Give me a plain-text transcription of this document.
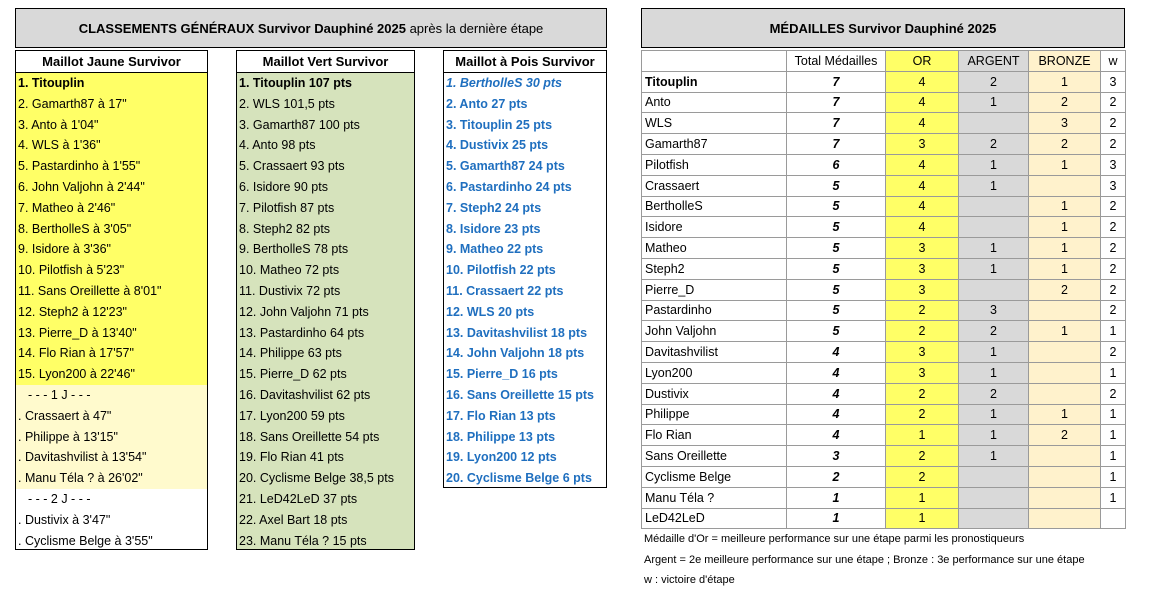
CLASSEMENTS GÉNÉRAUX Survivor Dauphiné 2025 après la dernière étape
Maillot Jaune Survivor
1. Titouplin
2. Gamarth87 à 17"
3. Anto à 1'04"
4. WLS à 1'36"
5. Pastardinho à 1'55"
6. John Valjohn à 2'44"
7. Matheo à 2'46"
8. BertholleS à 3'05"
9. Isidore à 3'36"
10. Pilotfish à 5'23"
11. Sans Oreillette à 8'01"
12. Steph2 à 12'23"
13. Pierre_D à 13'40"
14. Flo Rian à 17'57"
15. Lyon200 à 22'46"
- - - 1 J - - -
. Crassaert à 47"
. Philippe à 13'15"
. Davitashvilist à 13'54"
. Manu Téla ? à 26'02"
- - - 2 J - - -
. Dustivix à 3'47"
. Cyclisme Belge à 3'55"
Maillot Vert Survivor
1. Titouplin 107 pts
2. WLS 101,5 pts
3. Gamarth87 100 pts
4. Anto 98 pts
5. Crassaert 93 pts
6. Isidore 90 pts
7. Pilotfish 87 pts
8. Steph2 82 pts
9. BertholleS 78 pts
10. Matheo 72 pts
11. Dustivix 72 pts
12. John Valjohn 71 pts
13. Pastardinho 64 pts
14. Philippe 63 pts
15. Pierre_D 62 pts
16. Davitashvilist 62 pts
17. Lyon200 59 pts
18. Sans Oreillette 54 pts
19. Flo Rian 41 pts
20. Cyclisme Belge 38,5 pts
21. LeD42LeD 37 pts
22. Axel Bart 18 pts
23. Manu Téla ? 15 pts
Maillot à Pois Survivor
1. BertholleS 30 pts
2. Anto 27 pts
3. Titouplin 25 pts
4. Dustivix 25 pts
5. Gamarth87 24 pts
6. Pastardinho 24 pts
7. Steph2 24 pts
8. Isidore 23 pts
9. Matheo 22 pts
10. Pilotfish 22 pts
11. Crassaert 22 pts
12. WLS 20 pts
13. Davitashvilist 18 pts
14. John Valjohn 18 pts
15. Pierre_D 16 pts
16. Sans Oreillette 15 pts
17. Flo Rian 13 pts
18. Philippe 13 pts
19. Lyon200 12 pts
20. Cyclisme Belge 6 pts
MÉDAILLES Survivor Dauphiné 2025
	Total Médailles	OR	ARGENT	BRONZE	w
Titouplin	7	4	2	1	3
Anto	7	4	1	2	2
WLS	7	4		3	2
Gamarth87	7	3	2	2	2
Pilotfish	6	4	1	1	3
Crassaert	5	4	1		3
BertholleS	5	4		1	2
Isidore	5	4		1	2
Matheo	5	3	1	1	2
Steph2	5	3	1	1	2
Pierre_D	5	3		2	2
Pastardinho	5	2	3		2
John Valjohn	5	2	2	1	1
Davitashvilist	4	3	1		2
Lyon200	4	3	1		1
Dustivix	4	2	2		2
Philippe	4	2	1	1	1
Flo Rian	4	1	1	2	1
Sans Oreillette	3	2	1		1
Cyclisme Belge	2	2			1
Manu Téla ?	1	1			1
LeD42LeD	1	1			
Médaille d'Or = meilleure performance sur une étape parmi les pronostiqueurs
Argent = 2e meilleure performance sur une étape ; Bronze : 3e performance sur une étape
w : victoire d'étape
